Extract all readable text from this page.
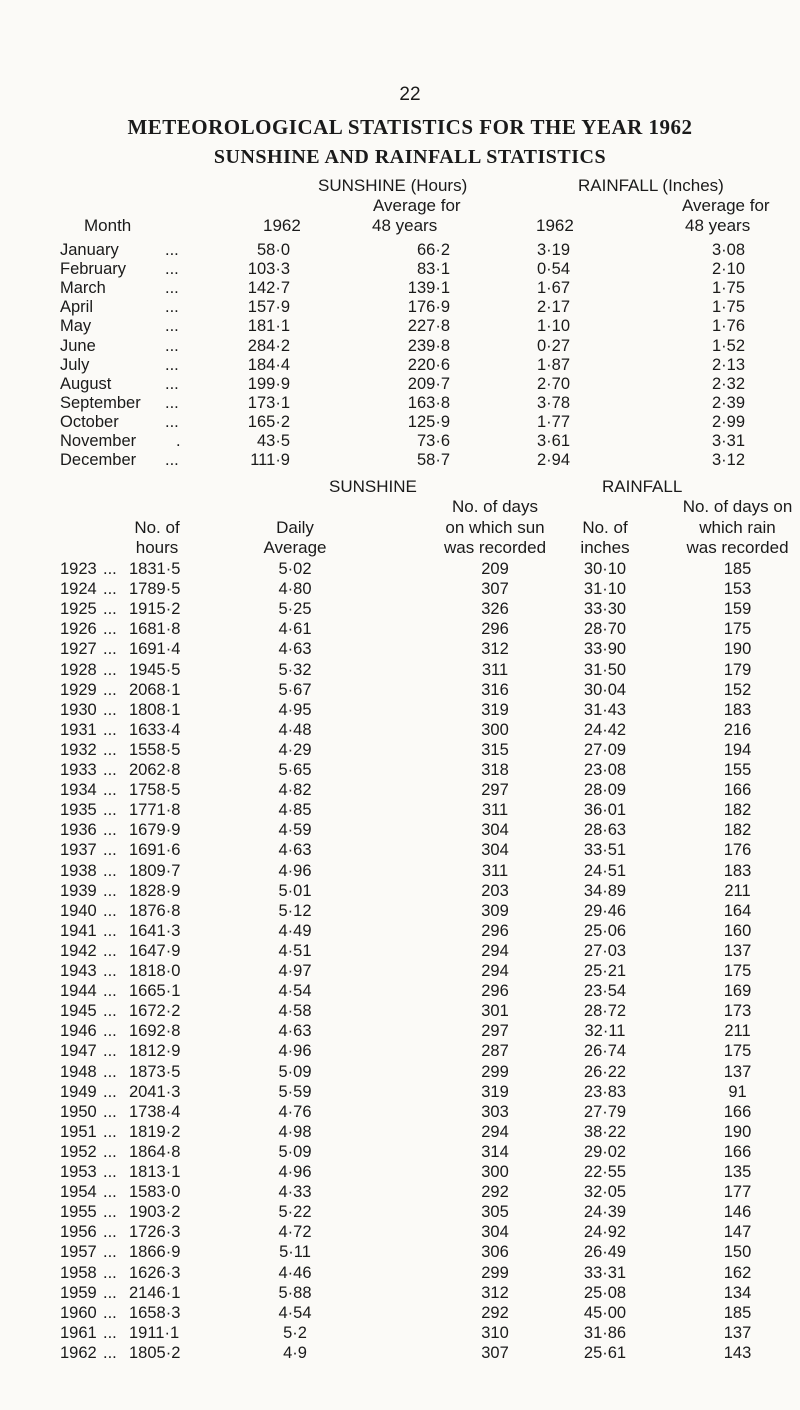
22
METEOROLOGICAL STATISTICS FOR THE YEAR 1962
SUNSHINE AND RAINFALL STATISTICS
SUNSHINE (Hours)	RAINFALL (Inches)
Average for	Average for
Month	1962	48 years	1962	48 years
January	...	58·0	66·2	3·19	3·08
February ...	103·3	83·1	0·54	2·10
March	...	142·7	139·1	1·67	1·75
April	...	157·9	176·9	2·17	1·75
May	...	181·1	227·8	1·10	1·76
June	...	284·2	239·8	0·27	1·52
July	...	184·4	220·6	1·87	2·13
August	...	199·9	209·7	2·70	2·32
September ...	173·1	163·8	3·78	2·39
October	...	165·2	125·9	1·77	2·99
November .	43·5	73·6	3·61	3·31
December ...	111·9	58·7	2·94	3·12
SUNSHINE	RAINFALL
No. of days	No. of days on
No. of	Daily	on which sun	No. of	which rain
hours	Average	was recorded	inches	was recorded
1923 ... 1831·5	5·02	209	30·10	185
1924 ... 1789·5	4·80	307	31·10	153
1925 ... 1915·2	5·25	326	33·30	159
1926 ... 1681·8	4·61	296	28·70	175
1927 ... 1691·4	4·63	312	33·90	190
1928 ... 1945·5	5·32	311	31·50	179
1929 ... 2068·1	5·67	316	30·04	152
1930 ... 1808·1	4·95	319	31·43	183
1931 ... 1633·4	4·48	300	24·42	216
1932 ... 1558·5	4·29	315	27·09	194
1933 ... 2062·8	5·65	318	23·08	155
1934 ... 1758·5	4·82	297	28·09	166
1935 ... 1771·8	4·85	311	36·01	182
1936 ... 1679·9	4·59	304	28·63	182
1937 ... 1691·6	4·63	304	33·51	176
1938 ... 1809·7	4·96	311	24·51	183
1939 ... 1828·9	5·01	203	34·89	211
1940 ... 1876·8	5·12	309	29·46	164
1941 ... 1641·3	4·49	296	25·06	160
1942 ... 1647·9	4·51	294	27·03	137
1943 ... 1818·0	4·97	294	25·21	175
1944 ... 1665·1	4·54	296	23·54	169
1945 ... 1672·2	4·58	301	28·72	173
1946 ... 1692·8	4·63	297	32·11	211
1947 ... 1812·9	4·96	287	26·74	175
1948 ... 1873·5	5·09	299	26·22	137
1949 ... 2041·3	5·59	319	23·83	91
1950 ... 1738·4	4·76	303	27·79	166
1951 ... 1819·2	4·98	294	38·22	190
1952 ... 1864·8	5·09	314	29·02	166
1953 ... 1813·1	4·96	300	22·55	135
1954 ... 1583·0	4·33	292	32·05	177
1955 ... 1903·2	5·22	305	24·39	146
1956 ... 1726·3	4·72	304	24·92	147
1957 ... 1866·9	5·11	306	26·49	150
1958 ... 1626·3	4·46	299	33·31	162
1959 ... 2146·1	5·88	312	25·08	134
1960 ... 1658·3	4·54	292	45·00	185
1961 ... 1911·1	5·2	310	31·86	137
1962 ... 1805·2	4·9	307	25·61	143
